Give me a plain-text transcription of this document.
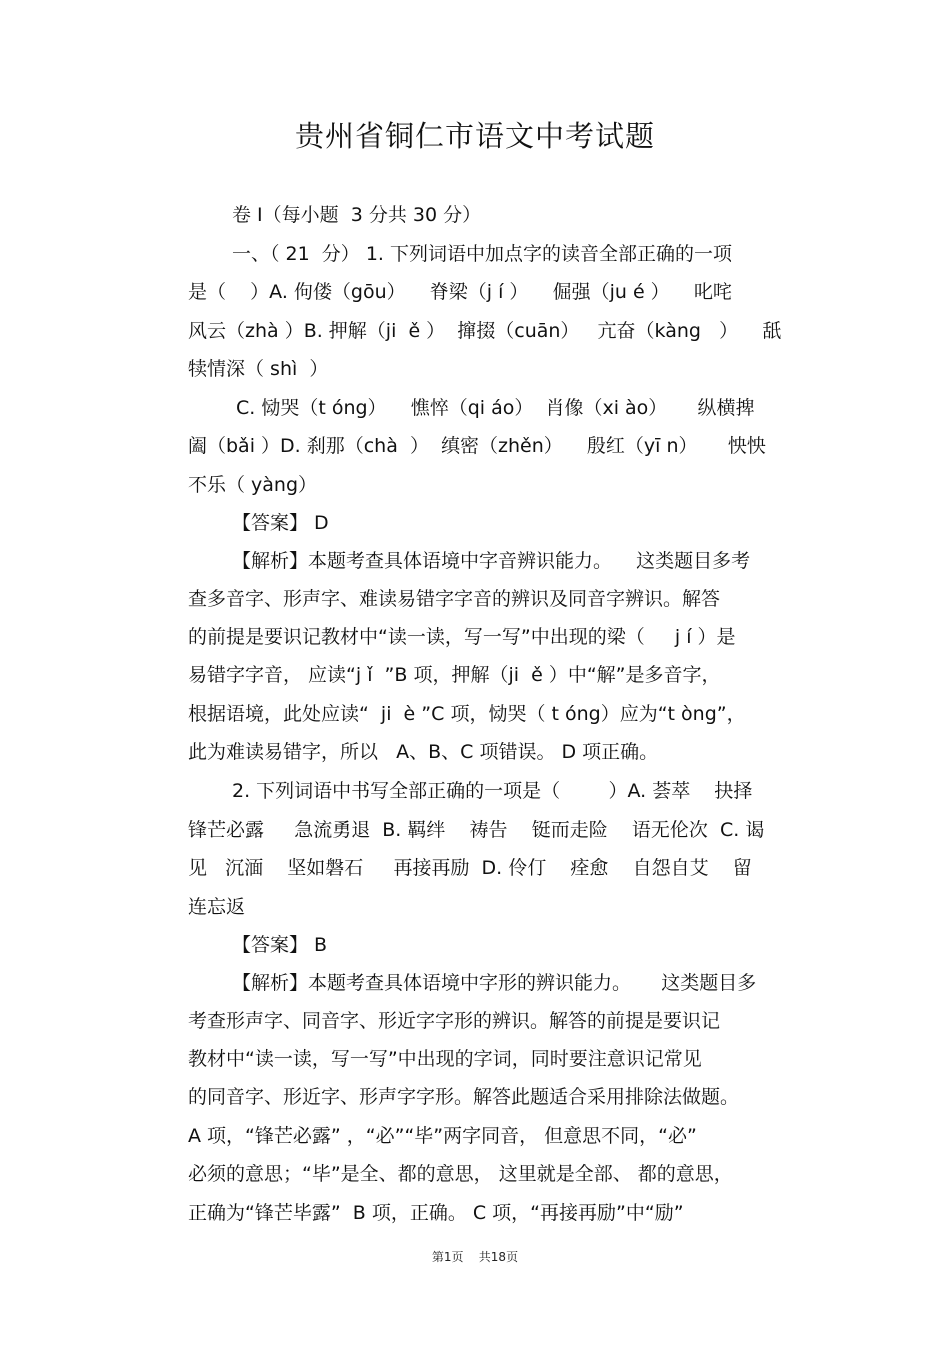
贵州省铜仁市语文中考试题
卷 I（每小题  3 分共 30 分）
一、（ 21  分） 1. 下列词语中加点字的读音全部正确的一项
是（    ）A. 佝偻（gōu）    脊梁（j í ）    倔强（ju é ）    叱咤
风云（zhà ）B. 押解（ji  ě ）  撺掇（cuān）   亢奋（kàng   ）    舐
犊情深（ shì  ）
C. 恸哭（t óng）    憔悴（qi áo）  肖像（xi ào）     纵横捭
阖（bǎi ）D. 刹那（chà  ）  缜密（zhěn）    殷红（yī n）     怏怏
不乐（ yàng）
【答案】 D
【解析】本题考查具体语境中字音辨识能力。    这类题目多考
查多音字、形声字、难读易错字字音的辨识及同音字辨识。解答
的前提是要识记教材中“读一读，写一写”中出现的梁（     j í ）是
易错字字音， 应读“j ǐ  ”B 项，押解（ji  ě ）中“解”是多音字，
根据语境，此处应读“  ji  è ”C 项，恸哭（ t óng）应为“t òng”，
此为难读易错字，所以   A、B、C 项错误。 D 项正确。
2. 下列词语中书写全部正确的一项是（        ）A. 荟萃    抉择
锋芒必露     急流勇退  B. 羁绊    祷告    铤而走险    语无伦次  C. 谒
见   沉湎    坚如磐石     再接再励  D. 伶仃    痊愈    自怨自艾    留
连忘返
【答案】 B
【解析】本题考查具体语境中字形的辨识能力。     这类题目多
考查形声字、同音字、形近字字形的辨识。解答的前提是要识记
教材中“读一读，写一写”中出现的字词，同时要注意识记常见
的同音字、形近字、形声字字形。解答此题适合采用排除法做题。
A 项，“锋芒必露” ，“必”“毕”两字同音， 但意思不同，“必”
必须的意思；“毕”是全、都的意思， 这里就是全部、 都的意思，
正确为“锋芒毕露”  B 项，正确。 C 项，“再接再励”中“励”
第1页    共18页
